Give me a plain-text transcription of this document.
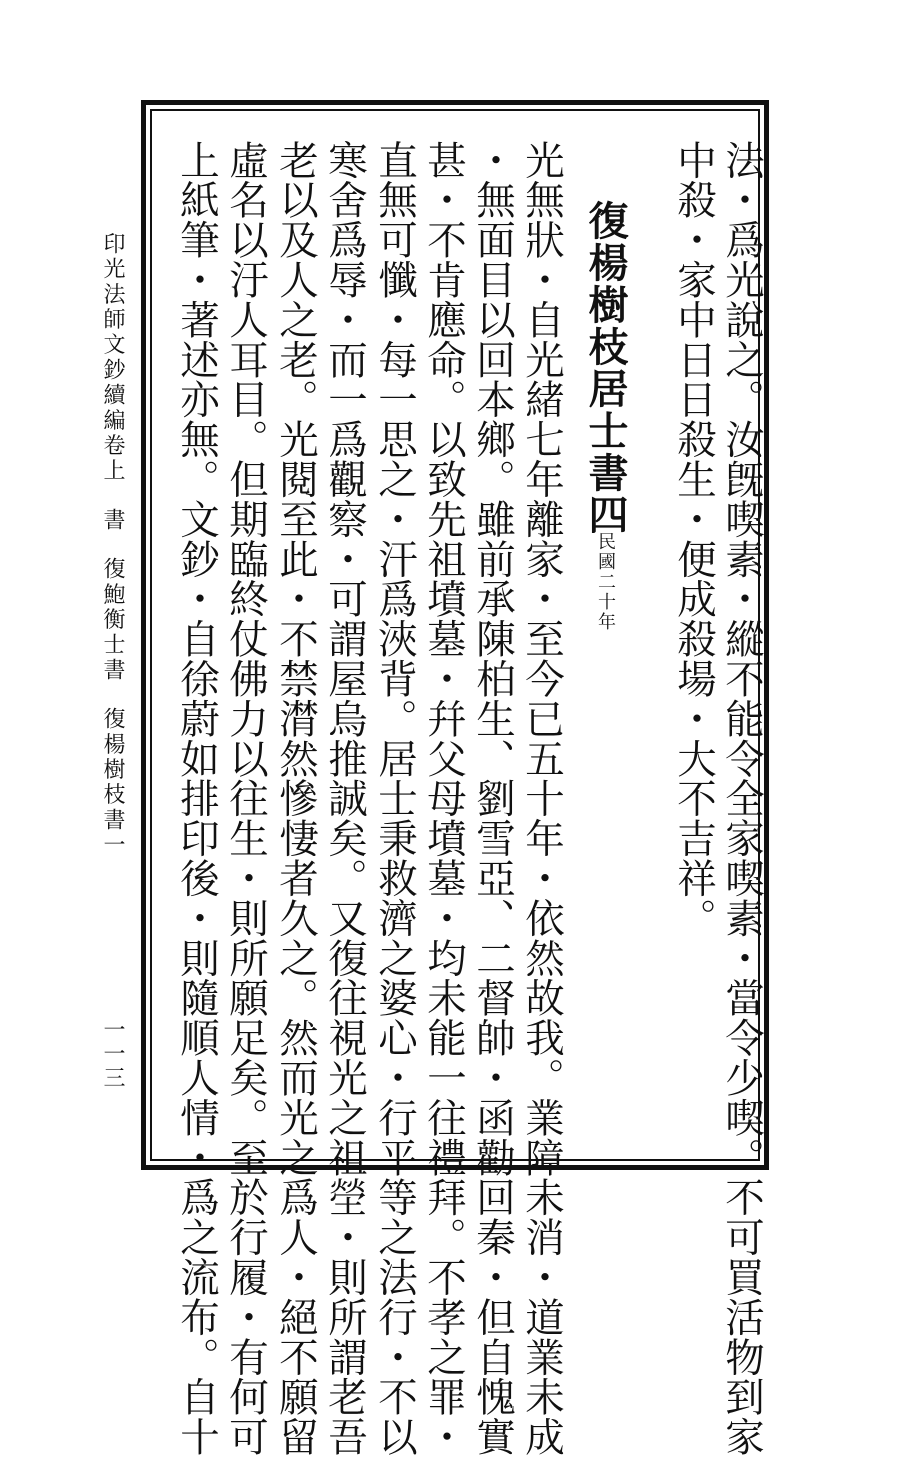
法・爲光說之。汝旣喫素・縱不能令全家喫素・當令少喫。不可買活物到家
中殺・家中日日殺生・便成殺場・大不吉祥。
復楊樹枝居士書四
民國二十年
光無狀・自光緒七年離家・至今已五十年・依然故我。業障未消・道業未成
・無面目以回本鄉。雖前承陳柏生、劉雪亞、二督帥・函勸回秦・但自愧實
甚・不肯應命。以致先祖墳墓・幷父母墳墓・均未能一往禮拜。不孝之罪・
直無可懺・每一思之・汗爲浹背。居士秉救濟之婆心・行平等之法行・不以
寒舍爲辱・而一爲觀察・可謂屋烏推誠矣。又復往視光之祖塋・則所謂老吾
老以及人之老。光閱至此・不禁潸然慘悽者久之。然而光之爲人・絕不願留
虛名以汙人耳目。但期臨終仗佛力以往生・則所願足矣。至於行履・有何可
上紙筆・著述亦無。文鈔・自徐蔚如排印後・則隨順人情・爲之流布。自十
印光法師文鈔續編卷上書復鮑衡士書復楊樹枝書一
一一三
